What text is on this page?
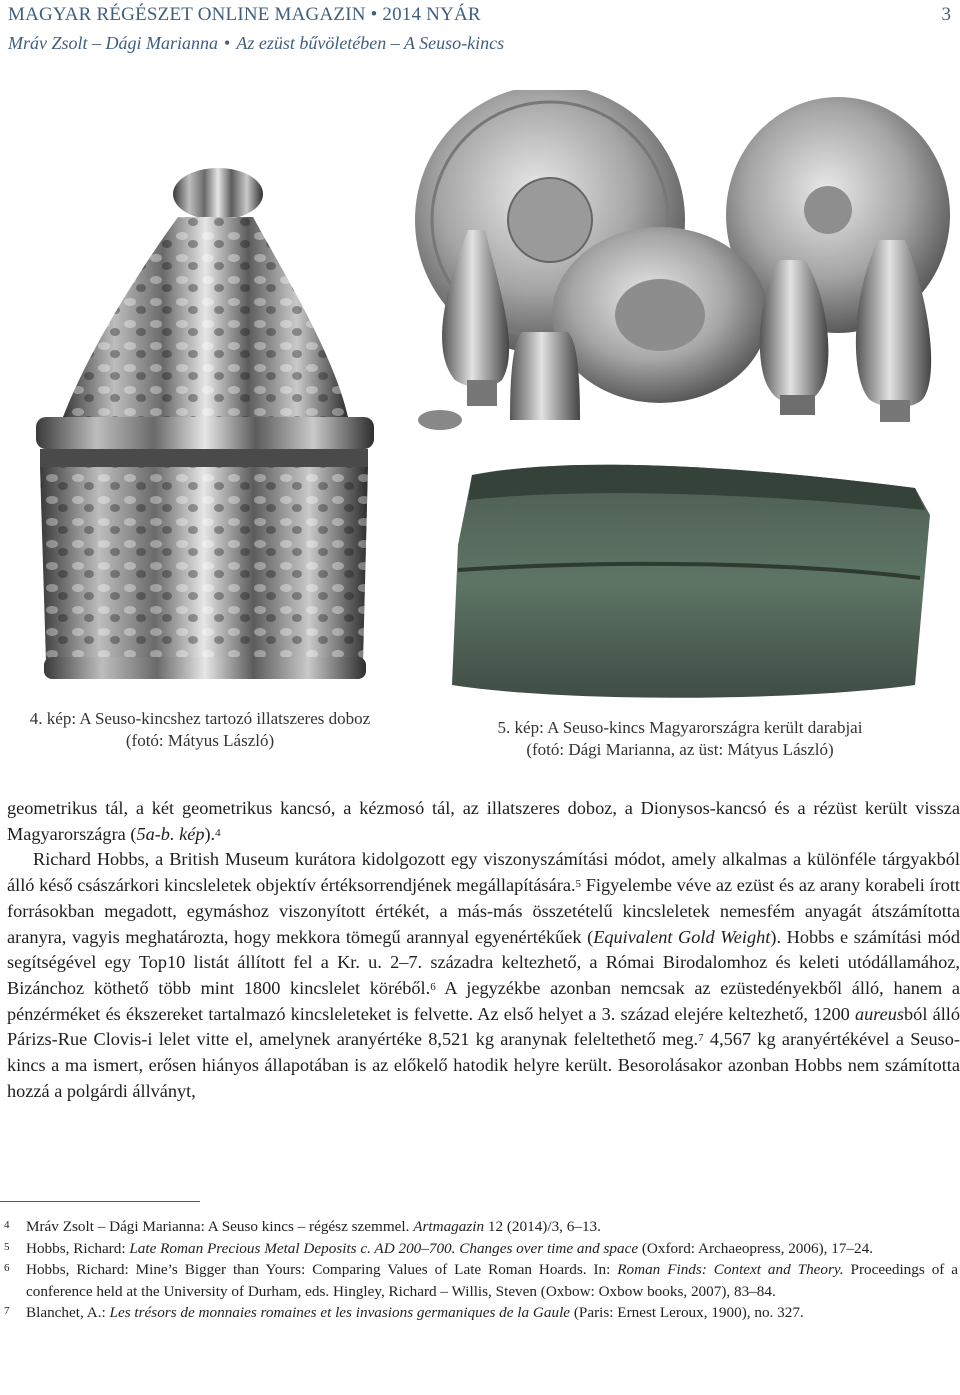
MAGYAR RÉGÉSZET ONLINE MAGAZIN • 2014 NYÁR	3
Mráv Zsolt – Dági Marianna • Az ezüst bűvöletében – A Seuso-kincs
4. kép: A Seuso-kincshez tartozó illatszeres doboz
(fotó: Mátyus László)
5. kép: A Seuso-kincs Magyarországra került darabjai
(fotó: Dági Marianna, az üst: Mátyus László)

geometrikus tál, a két geometrikus kancsó, a kézmosó tál, az illatszeres doboz, a Dionysos-kancsó és a rézüst került vissza Magyarországra (5a-b. kép).$^4$

Richard Hobbs, a British Museum kurátora kidolgozott egy viszonyszámítási módot, amely alkalmas a különféle tárgyakból álló késő császárkori kincsleletek objektív értéksorrendjének megállapítására.$^5$ Figyelembe véve az ezüst és az arany korabeli írott forrásokban megadott, egymáshoz viszonyított értékét, a más-más összetételű kincsleletek nemesfém anyagát átszámította aranyra, vagyis meghatározta, hogy mekkora tömegű arannyal egyenértékűek (Equivalent Gold Weight). Hobbs e számítási mód segítségével egy Top10 listát állított fel a Kr. u. 2–7. századra keltezhető, a Római Birodalomhoz és keleti utódállamához, Bizánchoz köthető több mint 1800 kincslelet köréből.$^6$ A jegyzékbe azonban nemcsak az ezüstedényekből álló, hanem a pénzérméket és ékszereket tartalmazó kincsleleteket is felvette. Az első helyet a 3. század elejére keltezhető, 1200 aureusból álló Párizs-Rue Clovis-i lelet vitte el, amelynek aranyértéke 8,521 kg aranynak feleltethető meg.$^7$ 4,567 kg aranyértékével a Seuso-kincs a ma ismert, erősen hiányos állapotában is az előkelő hatodik helyre került. Besorolásakor azonban Hobbs nem számította hozzá a polgárdi állványt,

4 Mráv Zsolt – Dági Marianna: A Seuso kincs – régész szemmel. Artmagazin 12 (2014)/3, 6–13.
5 Hobbs, Richard: Late Roman Precious Metal Deposits c. AD 200–700. Changes over time and space (Oxford: Archaeopress, 2006), 17–24.
6 Hobbs, Richard: Mine’s Bigger than Yours: Comparing Values of Late Roman Hoards. In: Roman Finds: Context and Theory. Proceedings of a conference held at the University of Durham, eds. Hingley, Richard – Willis, Steven (Oxbow: Oxbow books, 2007), 83–84.
7 Blanchet, A.: Les trésors de monnaies romaines et les invasions germaniques de la Gaule (Paris: Ernest Leroux, 1900), no. 327.
